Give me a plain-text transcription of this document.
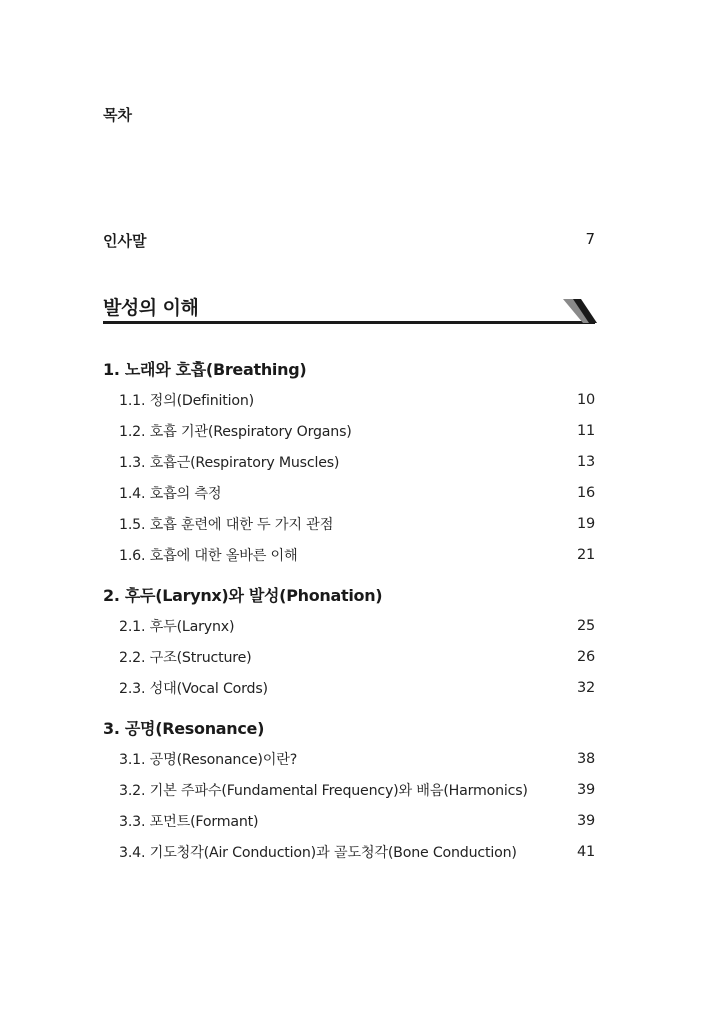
목차
인사말	7
발성의 이해
1. 노래와 호흡(Breathing)
1.1. 정의(Definition)	10
1.2. 호흡 기관(Respiratory Organs)	11
1.3. 호흡근(Respiratory Muscles)	13
1.4. 호흡의 측정	16
1.5. 호흡 훈련에 대한 두 가지 관점	19
1.6. 호흡에 대한 올바른 이해	21
2. 후두(Larynx)와 발성(Phonation)
2.1. 후두(Larynx)	25
2.2. 구조(Structure)	26
2.3. 성대(Vocal Cords)	32
3. 공명(Resonance)
3.1. 공명(Resonance)이란?	38
3.2. 기본 주파수(Fundamental Frequency)와 배음(Harmonics)	39
3.3. 포먼트(Formant)	39
3.4. 기도청각(Air Conduction)과 골도청각(Bone Conduction)	41
